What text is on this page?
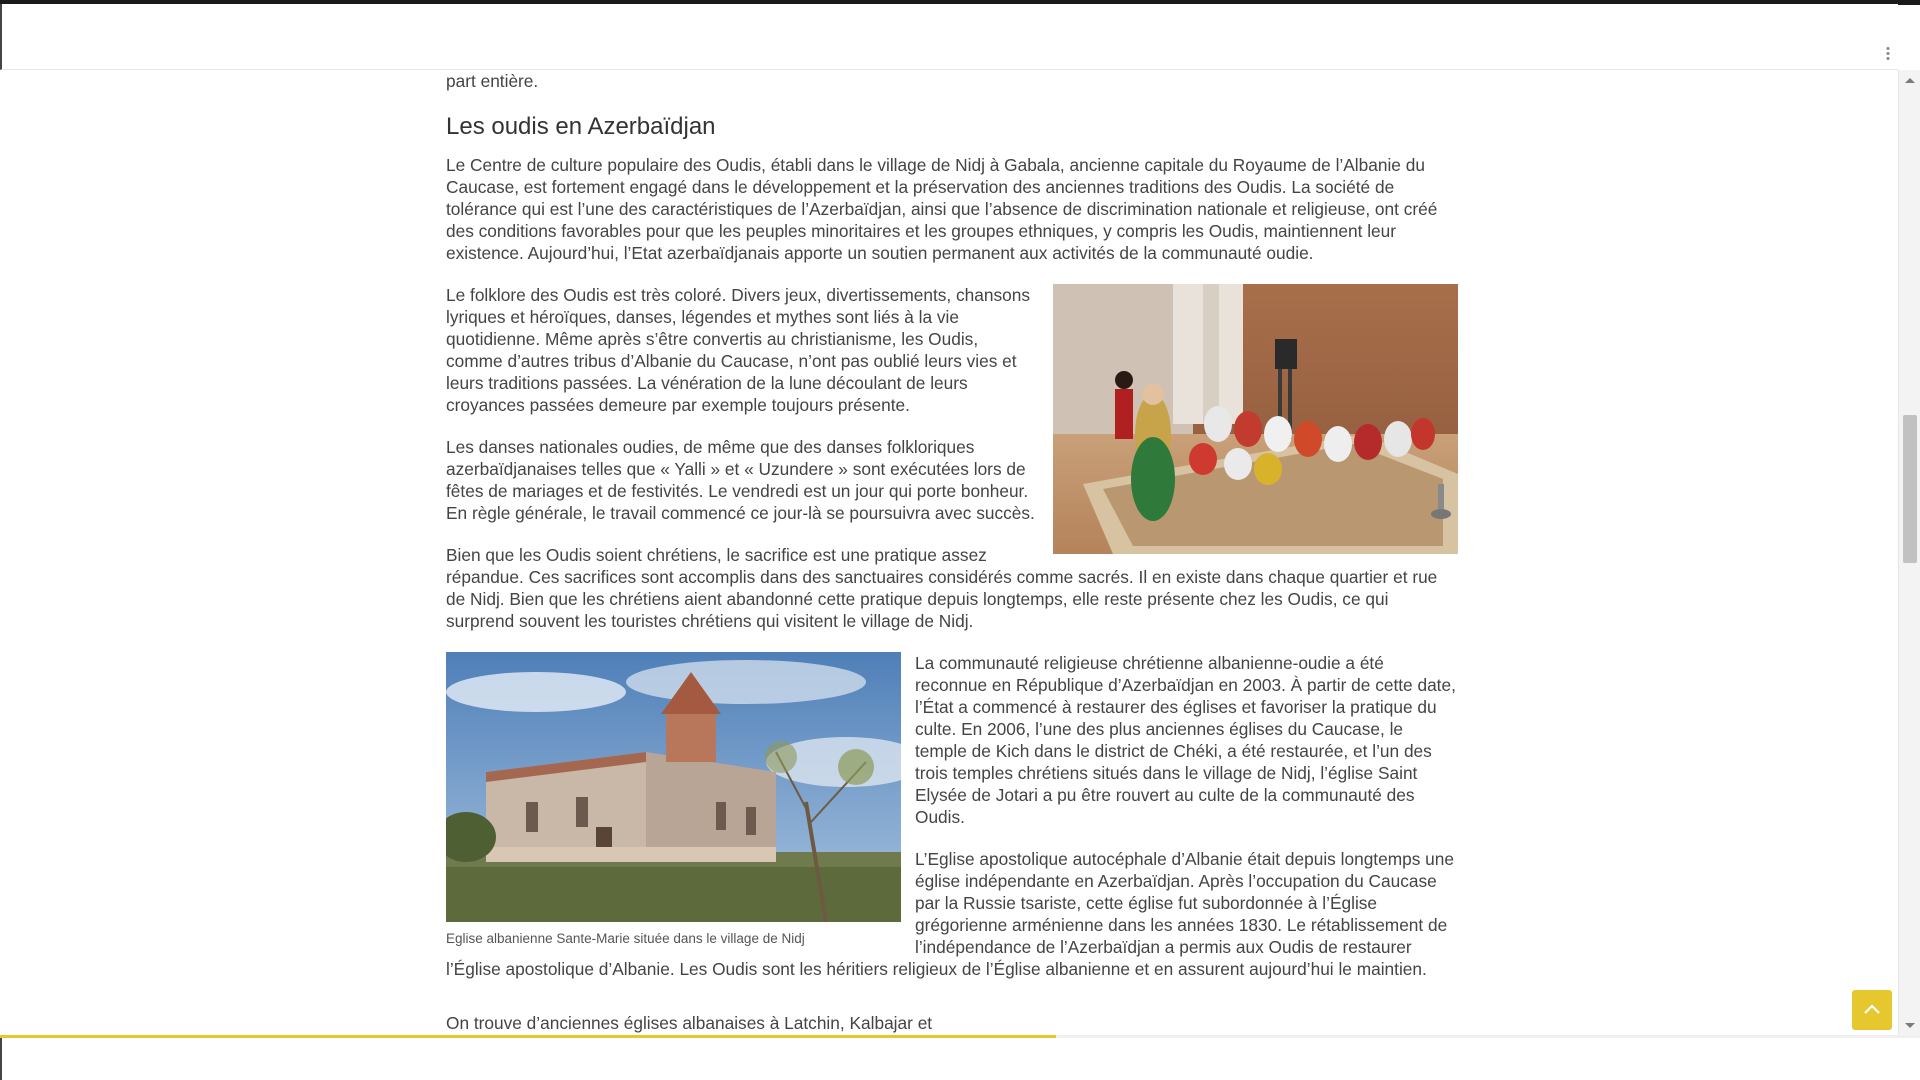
part entière.

Les oudis en Azerbaïdjan

Le Centre de culture populaire des Oudis, établi dans le village de Nidj à Gabala, ancienne capitale du Royaume de l’Albanie du Caucase, est fortement engagé dans le développement et la préservation des anciennes traditions des Oudis. La société de tolérance qui est l’une des caractéristiques de l’Azerbaïdjan, ainsi que l’absence de discrimination nationale et religieuse, ont créé des conditions favorables pour que les peuples minoritaires et les groupes ethniques, y compris les Oudis, maintiennent leur existence. Aujourd’hui, l’Etat azerbaïdjanais apporte un soutien permanent aux activités de la communauté oudie.

Le folklore des Oudis est très coloré. Divers jeux, divertissements, chansons lyriques et héroïques, danses, légendes et mythes sont liés à la vie quotidienne. Même après s’être convertis au christianisme, les Oudis, comme d’autres tribus d’Albanie du Caucase, n’ont pas oublié leurs vies et leurs traditions passées. La vénération de la lune découlant de leurs croyances passées demeure par exemple toujours présente.

Les danses nationales oudies, de même que des danses folkloriques azerbaïdjanaises telles que « Yalli » et « Uzundere » sont exécutées lors de fêtes de mariages et de festivités. Le vendredi est un jour qui porte bonheur. En règle générale, le travail commencé ce jour-là se poursuivra avec succès.

Bien que les Oudis soient chrétiens, le sacrifice est une pratique assez répandue. Ces sacrifices sont accomplis dans des sanctuaires considérés comme sacrés. Il en existe dans chaque quartier et rue de Nidj. Bien que les chrétiens aient abandonné cette pratique depuis longtemps, elle reste présente chez les Oudis, ce qui surprend souvent les touristes chrétiens qui visitent le village de Nidj.

Eglise albanienne Sante-Marie située dans le village de Nidj

La communauté religieuse chrétienne albanienne-oudie a été reconnue en République d’Azerbaïdjan en 2003. À partir de cette date, l’État a commencé à restaurer des églises et favoriser la pratique du culte. En 2006, l’une des plus anciennes églises du Caucase, le temple de Kich dans le district de Chéki, a été restaurée, et l’un des trois temples chrétiens situés dans le village de Nidj, l’église Saint Elysée de Jotari a pu être rouvert au culte de la communauté des Oudis.

L’Eglise apostolique autocéphale d’Albanie était depuis longtemps une église indépendante en Azerbaïdjan. Après l’occupation du Caucase par la Russie tsariste, cette église fut subordonnée à l’Église grégorienne arménienne dans les années 1830. Le rétablissement de l’indépendance de l’Azerbaïdjan a permis aux Oudis de restaurer l’Église apostolique d’Albanie. Les Oudis sont les héritiers religieux de l’Église albanienne et en assurent aujourd’hui le maintien.

On trouve d’anciennes églises albanaises à Latchin, Kalbajar et
